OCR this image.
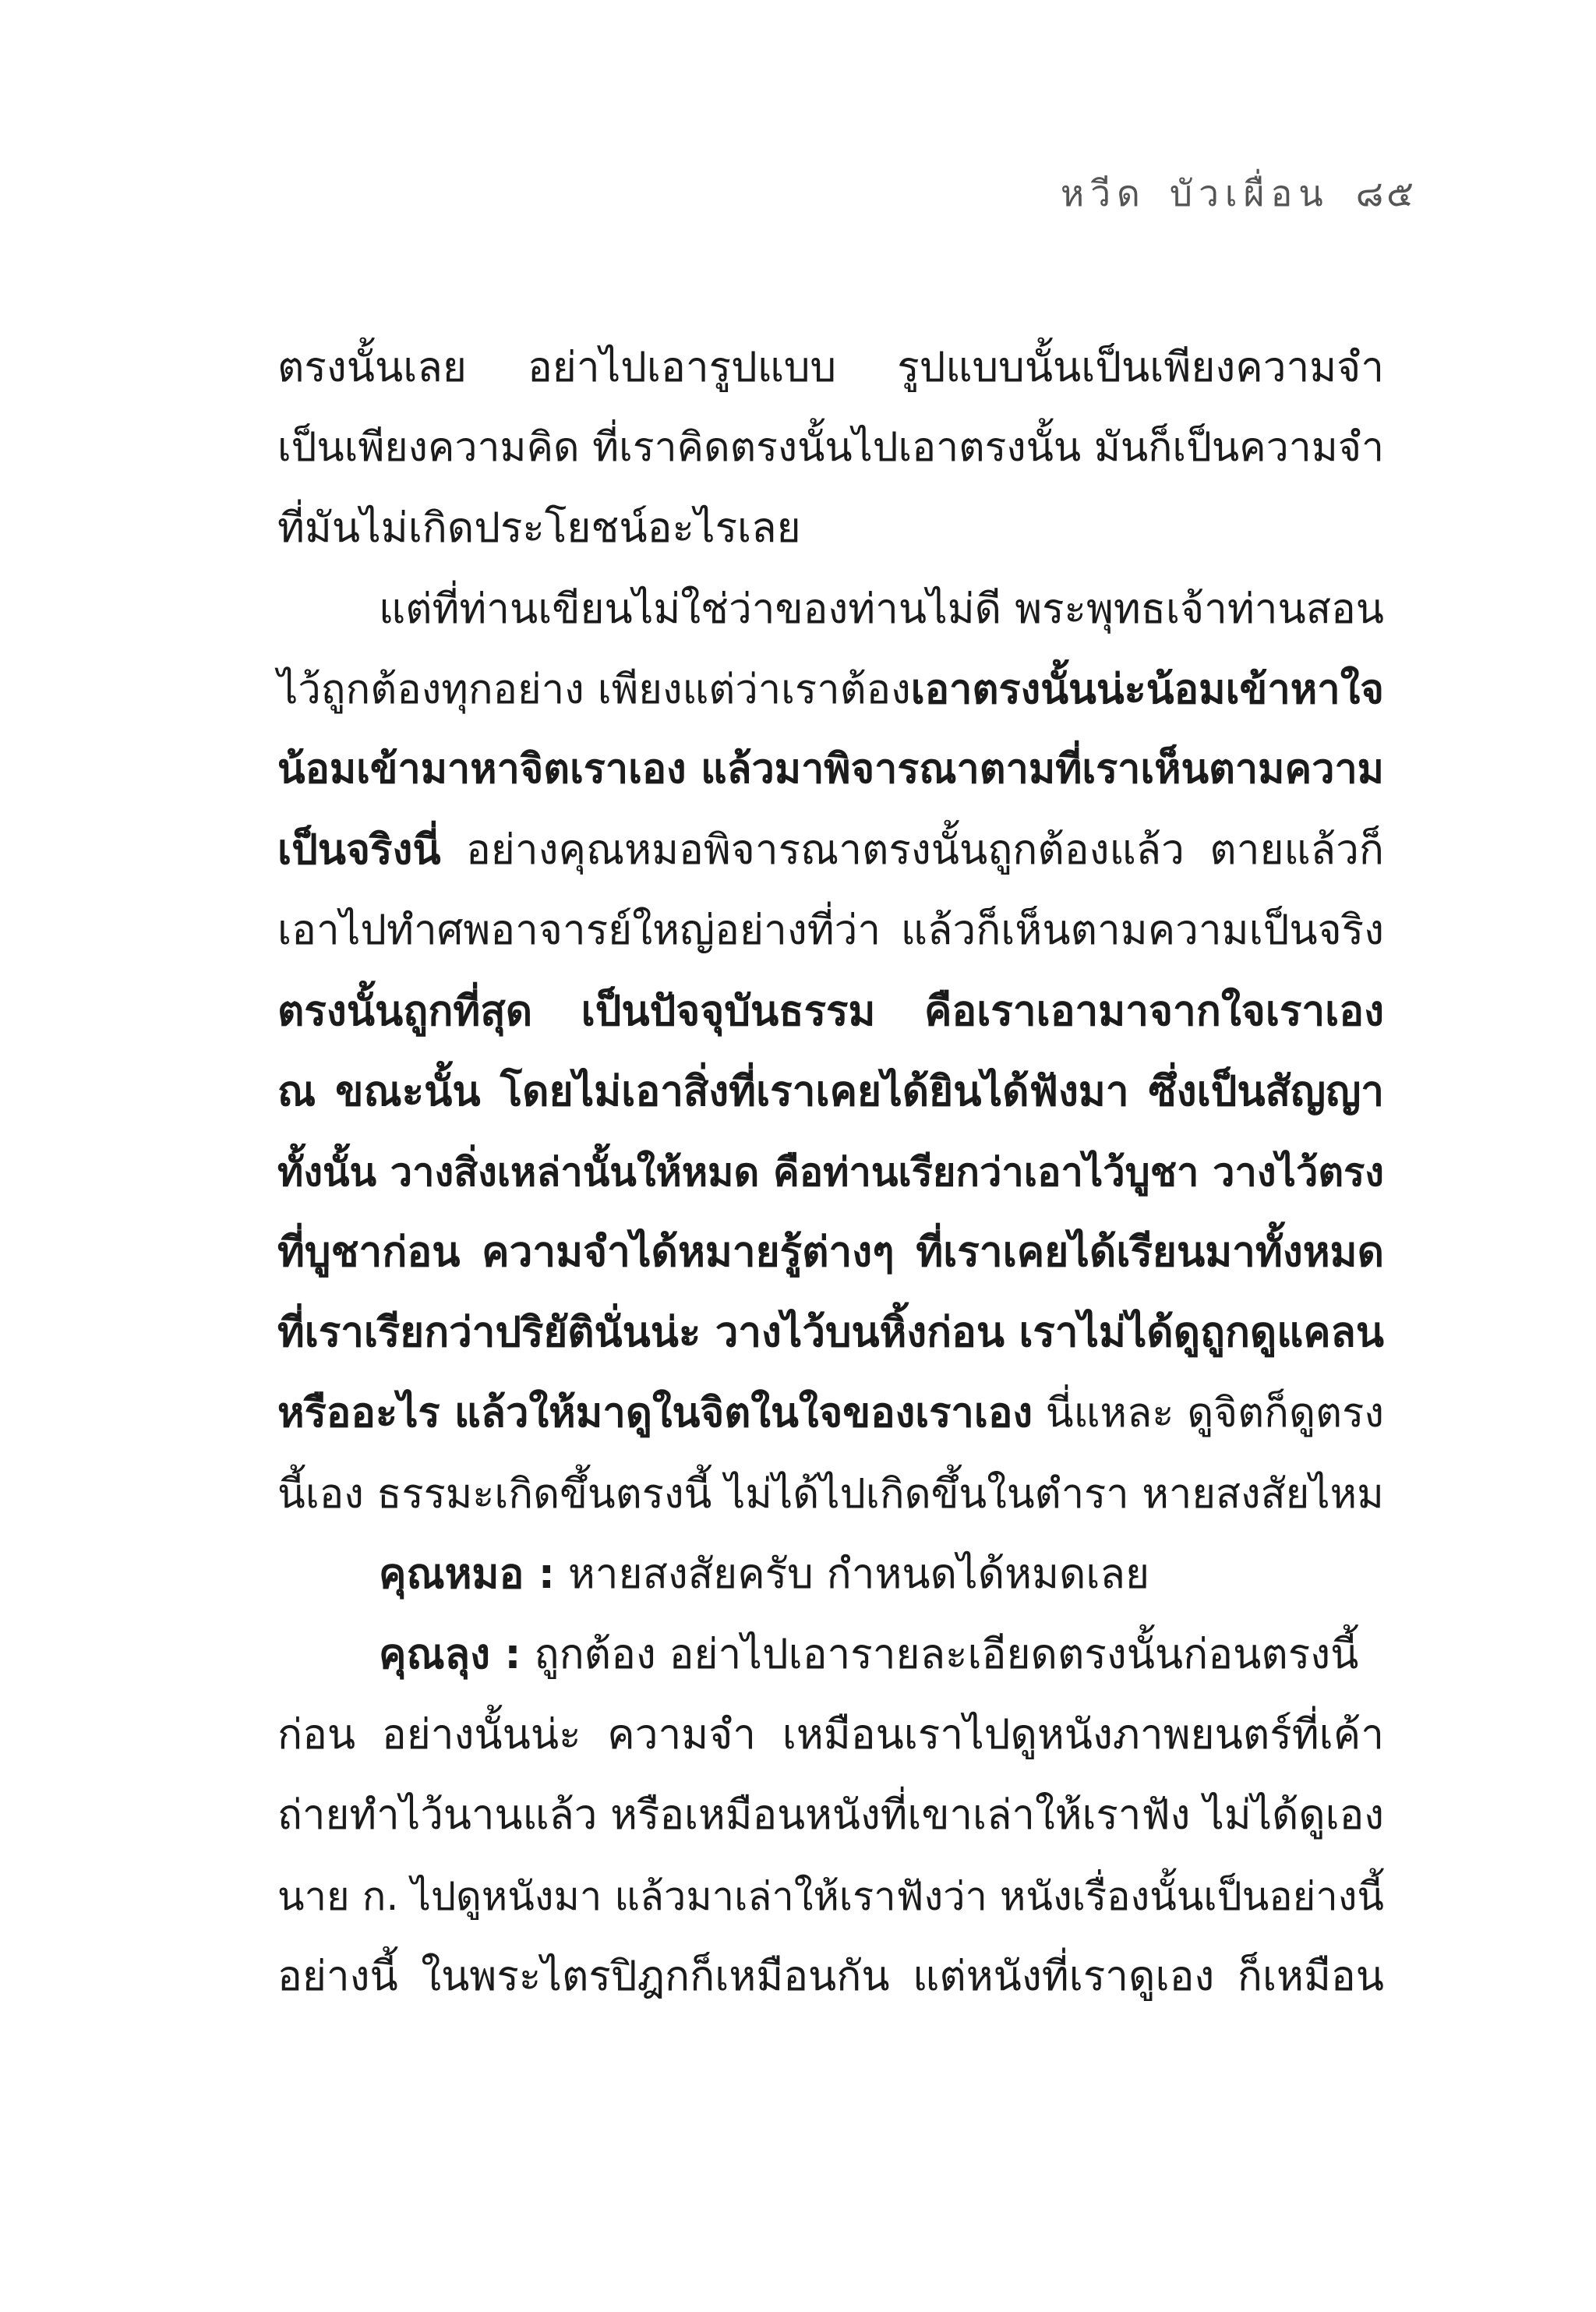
หวีด บัวเผื่อน ๘๕
ตรงนั้นเลย อย่าไปเอารูปแบบ รูปแบบนั้นเป็นเพียงความจำ
เป็นเพียงความคิด ที่เราคิดตรงนั้นไปเอาตรงนั้น มันก็เป็นความจำ
ที่มันไม่เกิดประโยชน์อะไรเลย
แต่ที่ท่านเขียนไม่ใช่ว่าของท่านไม่ดี พระพุทธเจ้าท่านสอน
ไว้ถูกต้องทุกอย่าง เพียงแต่ว่าเราต้องเอาตรงนั้นน่ะน้อมเข้าหาใจ
น้อมเข้ามาหาจิตเราเอง แล้วมาพิจารณาตามที่เราเห็นตามความ
เป็นจริงนี่ อย่างคุณหมอพิจารณาตรงนั้นถูกต้องแล้ว ตายแล้วก็
เอาไปทำศพอาจารย์ใหญ่อย่างที่ว่า แล้วก็เห็นตามความเป็นจริง
ตรงนั้นถูกที่สุด เป็นปัจจุบันธรรม คือเราเอามาจากใจเราเอง
ณ ขณะนั้น โดยไม่เอาสิ่งที่เราเคยได้ยินได้ฟังมา ซึ่งเป็นสัญญา
ทั้งนั้น วางสิ่งเหล่านั้นให้หมด คือท่านเรียกว่าเอาไว้บูชา วางไว้ตรง
ที่บูชาก่อน ความจำได้หมายรู้ต่างๆ ที่เราเคยได้เรียนมาทั้งหมด
ที่เราเรียกว่าปริยัตินั่นน่ะ วางไว้บนหิ้งก่อน เราไม่ได้ดูถูกดูแคลน
หรืออะไร แล้วให้มาดูในจิตในใจของเราเอง นี่แหละ ดูจิตก็ดูตรง
นี้เอง ธรรมะเกิดขึ้นตรงนี้ ไม่ได้ไปเกิดขึ้นในตำรา หายสงสัยไหม
คุณหมอ : หายสงสัยครับ กำหนดได้หมดเลย
คุณลุง : ถูกต้อง อย่าไปเอารายละเอียดตรงนั้นก่อนตรงนี้
ก่อน อย่างนั้นน่ะ ความจำ เหมือนเราไปดูหนังภาพยนตร์ที่เค้า
ถ่ายทำไว้นานแล้ว หรือเหมือนหนังที่เขาเล่าให้เราฟัง ไม่ได้ดูเอง
นาย ก. ไปดูหนังมา แล้วมาเล่าให้เราฟังว่า หนังเรื่องนั้นเป็นอย่างนี้
อย่างนี้ ในพระไตรปิฎกก็เหมือนกัน แต่หนังที่เราดูเอง ก็เหมือน
